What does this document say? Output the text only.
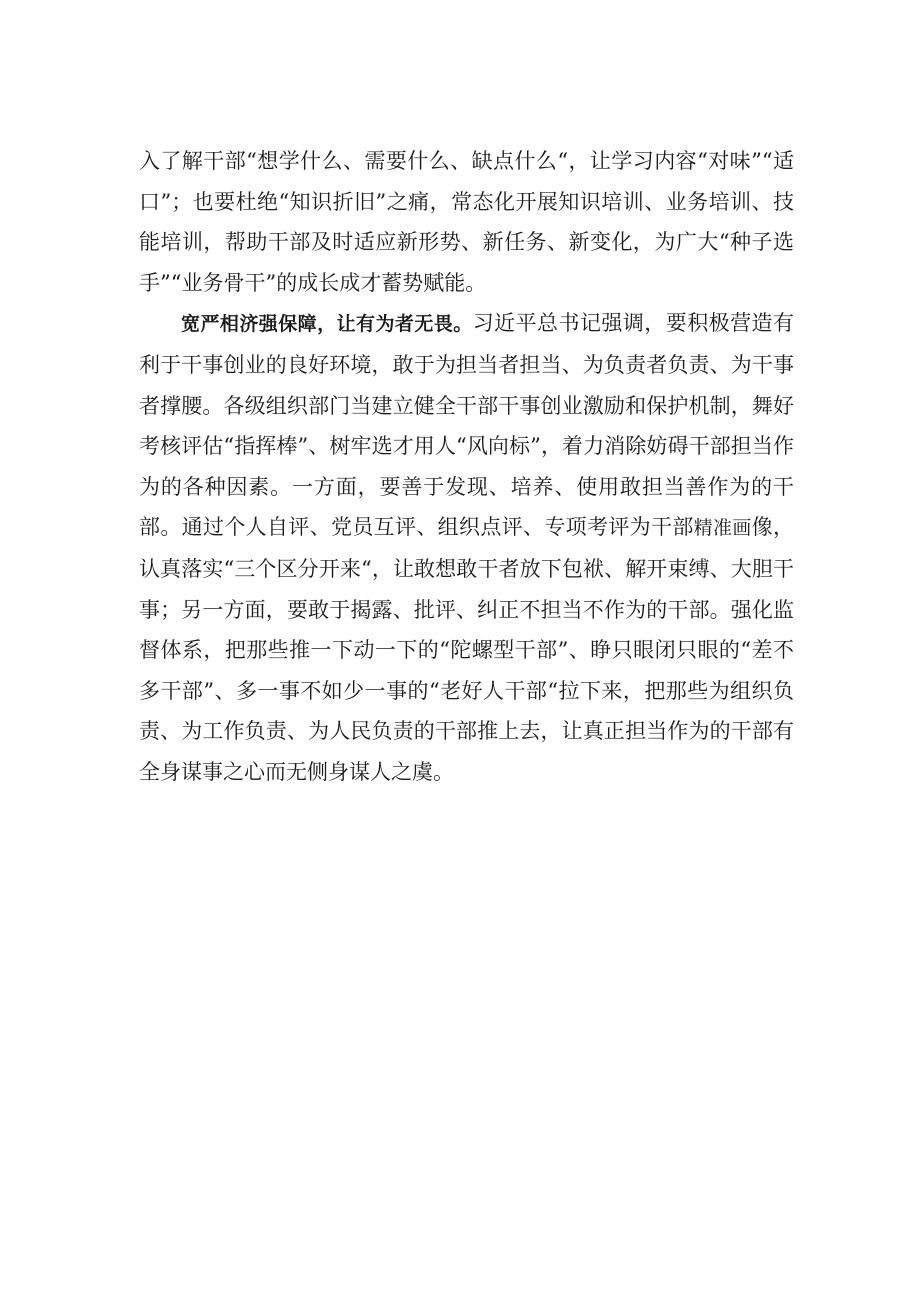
入了解干部“想学什么、需要什么、缺点什么“，让学习内容“对味”“适口”；也要杜绝“知识折旧”之痛，常态化开展知识培训、业务培训、技能培训，帮助干部及时适应新形势、新任务、新变化，为广大“种子选手”“业务骨干”的成长成才蓄势赋能。

宽严相济强保障，让有为者无畏。习近平总书记强调，要积极营造有利于干事创业的良好环境，敢于为担当者担当、为负责者负责、为干事者撑腰。各级组织部门当建立健全干部干事创业激励和保护机制，舞好考核评估“指挥棒”、树牢选才用人“风向标”，着力消除妨碍干部担当作为的各种因素。一方面，要善于发现、培养、使用敢担当善作为的干部。通过个人自评、党员互评、组织点评、专项考评为干部精准画像，认真落实“三个区分开来“，让敢想敢干者放下包袱、解开束缚、大胆干事；另一方面，要敢于揭露、批评、纠正不担当不作为的干部。强化监督体系，把那些推一下动一下的“陀螺型干部”、睁只眼闭只眼的“差不多干部”、多一事不如少一事的“老好人干部“拉下来，把那些为组织负责、为工作负责、为人民负责的干部推上去，让真正担当作为的干部有全身谋事之心而无侧身谋人之虞。
